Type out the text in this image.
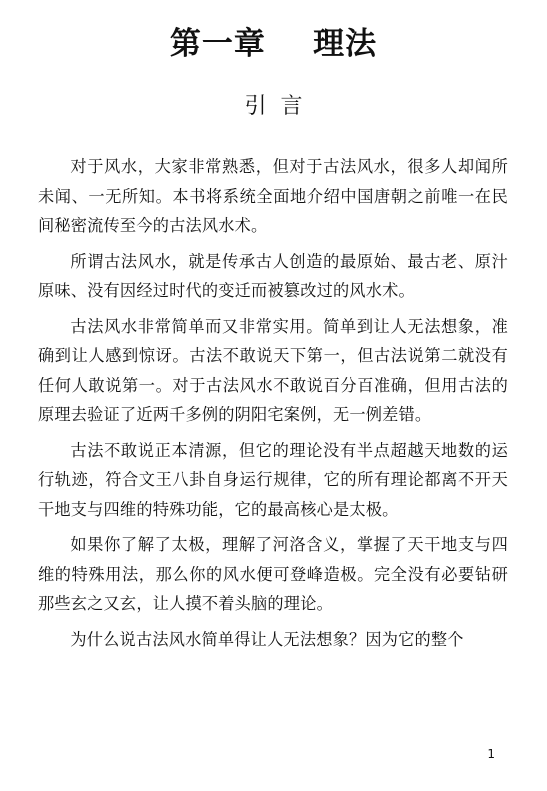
第一章    理法
引言

对于风水，大家非常熟悉，但对于古法风水，很多人却闻所未闻、一无所知。本书将系统全面地介绍中国唐朝之前唯一在民间秘密流传至今的古法风水术。

所谓古法风水，就是传承古人创造的最原始、最古老、原汁原味、没有因经过时代的变迁而被篡改过的风水术。

古法风水非常简单而又非常实用。简单到让人无法想象，准确到让人感到惊讶。古法不敢说天下第一，但古法说第二就没有任何人敢说第一。对于古法风水不敢说百分百准确，但用古法的原理去验证了近两千多例的阴阳宅案例，无一例差错。

古法不敢说正本清源，但它的理论没有半点超越天地数的运行轨迹，符合文王八卦自身运行规律，它的所有理论都离不开天干地支与四维的特殊功能，它的最高核心是太极。

如果你了解了太极，理解了河洛含义，掌握了天干地支与四维的特殊用法，那么你的风水便可登峰造极。完全没有必要钻研那些玄之又玄，让人摸不着头脑的理论。

为什么说古法风水简单得让人无法想象？因为它的整个

1
